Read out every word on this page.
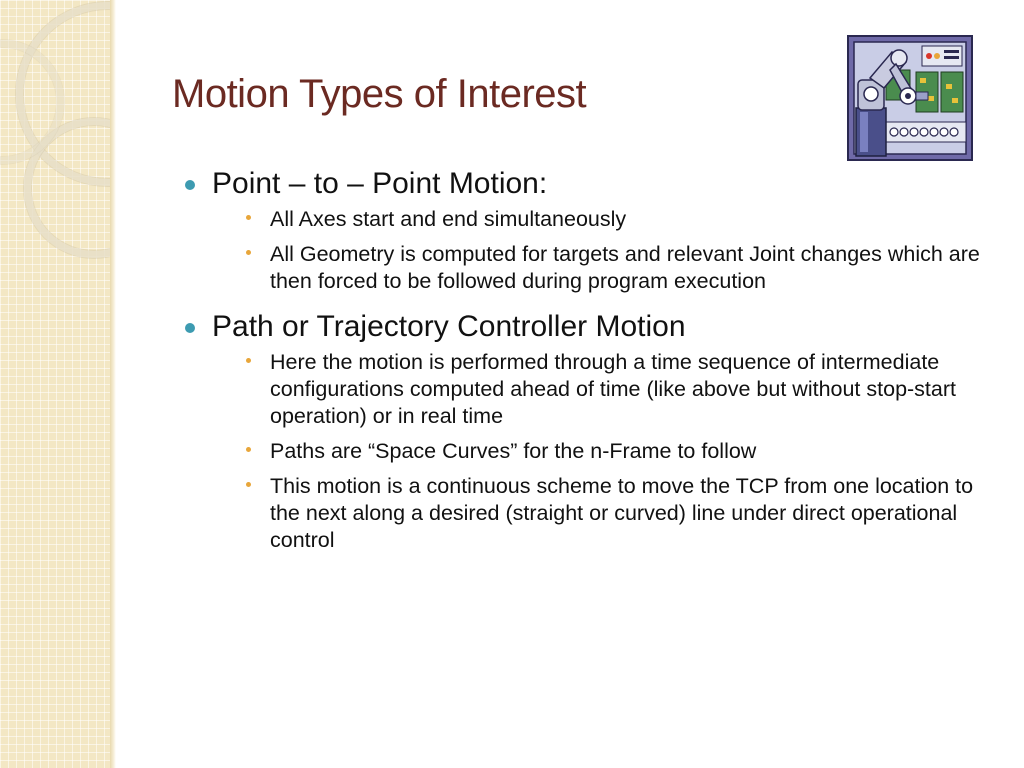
Motion Types of Interest
Point – to – Point Motion:
All Axes start and end simultaneously
All Geometry is computed for targets and relevant Joint changes which are then forced to be followed during program execution
Path or Trajectory Controller Motion
Here the motion is performed through a time sequence of intermediate configurations computed ahead of time (like above but without stop-start operation) or in real time
Paths are “Space Curves” for the n-Frame to follow
This motion is a continuous scheme to move the TCP from one location to the next along a desired (straight or curved) line under direct operational control
